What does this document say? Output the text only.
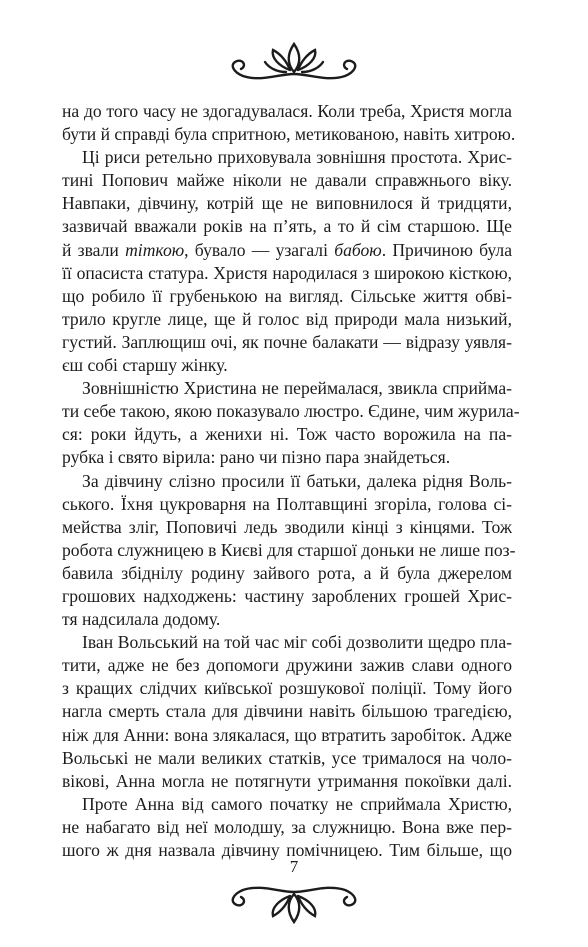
на до того часу не здогадувалася. Коли треба, Христя могла
бути й справді була спритною, метикованою, навіть хитрою.
Ці риси ретельно приховувала зовнішня простота. Хрис-
тині Попович майже ніколи не давали справжнього віку.
Навпаки, дівчину, котрій ще не виповнилося й тридцяти,
зазвичай вважали років на п’ять, а то й сім старшою. Ще
й звали тіткою, бувало — узагалі бабою. Причиною була
її опасиста статура. Христя народилася з широкою кісткою,
що робило її грубенькою на вигляд. Сільське життя обві-
трило кругле лице, ще й голос від природи мала низький,
густий. Заплющиш очі, як почне балакати — відразу уявля-
єш собі старшу жінку.
Зовнішністю Христина не переймалася, звикла сприйма-
ти себе такою, якою показувало люстро. Єдине, чим журила-
ся: роки йдуть, а женихи ні. Тож часто ворожила на па-
рубка і свято вірила: рано чи пізно пара знайдеться.
За дівчину слізно просили її батьки, далека рідня Воль-
ського. Їхня цукроварня на Полтавщині згоріла, голова сі-
мейства зліг, Поповичі ледь зводили кінці з кінцями. Тож
робота служницею в Києві для старшої доньки не лише поз-
бавила збіднілу родину зайвого рота, а й була джерелом
грошових надходжень: частину зароблених грошей Хрис-
тя надсилала додому.
Іван Вольський на той час міг собі дозволити щедро пла-
тити, адже не без допомоги дружини зажив слави одного
з кращих слідчих київської розшукової поліції. Тому його
нагла смерть стала для дівчини навіть більшою трагедією,
ніж для Анни: вона злякалася, що втратить заробіток. Адже
Вольські не мали великих статків, усе трималося на чоло-
вікові, Анна могла не потягнути утримання покоївки далі.
Проте Анна від самого початку не сприймала Христю,
не набагато від неї молодшу, за служницю. Вона вже пер-
шого ж дня назвала дівчину помічницею. Тим більше, що
7
